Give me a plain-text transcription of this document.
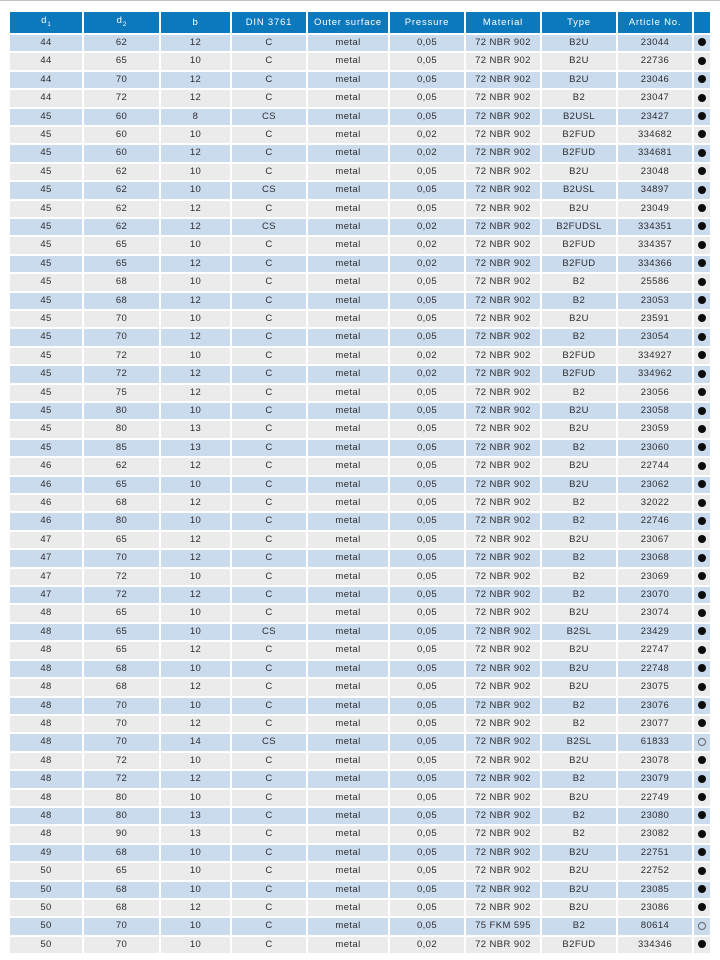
$d_1$	$d_2$	b	DIN 3761	Outer surface	Pressure	Material	Type	Article No.	
44	62	12	C	metal	0,05	72 NBR 902	B2U	23044	
44	65	10	C	metal	0,05	72 NBR 902	B2U	22736	
44	70	12	C	metal	0,05	72 NBR 902	B2U	23046	
44	72	12	C	metal	0,05	72 NBR 902	B2	23047	
45	60	8	CS	metal	0,05	72 NBR 902	B2USL	23427	
45	60	10	C	metal	0,02	72 NBR 902	B2FUD	334682	
45	60	12	C	metal	0,02	72 NBR 902	B2FUD	334681	
45	62	10	C	metal	0,05	72 NBR 902	B2U	23048	
45	62	10	CS	metal	0,05	72 NBR 902	B2USL	34897	
45	62	12	C	metal	0,05	72 NBR 902	B2U	23049	
45	62	12	CS	metal	0,02	72 NBR 902	B2FUDSL	334351	
45	65	10	C	metal	0,02	72 NBR 902	B2FUD	334357	
45	65	12	C	metal	0,02	72 NBR 902	B2FUD	334366	
45	68	10	C	metal	0,05	72 NBR 902	B2	25586	
45	68	12	C	metal	0,05	72 NBR 902	B2	23053	
45	70	10	C	metal	0,05	72 NBR 902	B2U	23591	
45	70	12	C	metal	0,05	72 NBR 902	B2	23054	
45	72	10	C	metal	0,02	72 NBR 902	B2FUD	334927	
45	72	12	C	metal	0,02	72 NBR 902	B2FUD	334962	
45	75	12	C	metal	0,05	72 NBR 902	B2	23056	
45	80	10	C	metal	0,05	72 NBR 902	B2U	23058	
45	80	13	C	metal	0,05	72 NBR 902	B2U	23059	
45	85	13	C	metal	0,05	72 NBR 902	B2	23060	
46	62	12	C	metal	0,05	72 NBR 902	B2U	22744	
46	65	10	C	metal	0,05	72 NBR 902	B2U	23062	
46	68	12	C	metal	0,05	72 NBR 902	B2	32022	
46	80	10	C	metal	0,05	72 NBR 902	B2	22746	
47	65	12	C	metal	0,05	72 NBR 902	B2U	23067	
47	70	12	C	metal	0,05	72 NBR 902	B2	23068	
47	72	10	C	metal	0,05	72 NBR 902	B2	23069	
47	72	12	C	metal	0,05	72 NBR 902	B2	23070	
48	65	10	C	metal	0,05	72 NBR 902	B2U	23074	
48	65	10	CS	metal	0,05	72 NBR 902	B2SL	23429	
48	65	12	C	metal	0,05	72 NBR 902	B2U	22747	
48	68	10	C	metal	0,05	72 NBR 902	B2U	22748	
48	68	12	C	metal	0,05	72 NBR 902	B2U	23075	
48	70	10	C	metal	0,05	72 NBR 902	B2	23076	
48	70	12	C	metal	0,05	72 NBR 902	B2	23077	
48	70	14	CS	metal	0,05	72 NBR 902	B2SL	61833	
48	72	10	C	metal	0,05	72 NBR 902	B2U	23078	
48	72	12	C	metal	0,05	72 NBR 902	B2	23079	
48	80	10	C	metal	0,05	72 NBR 902	B2U	22749	
48	80	13	C	metal	0,05	72 NBR 902	B2	23080	
48	90	13	C	metal	0,05	72 NBR 902	B2	23082	
49	68	10	C	metal	0,05	72 NBR 902	B2U	22751	
50	65	10	C	metal	0,05	72 NBR 902	B2U	22752	
50	68	10	C	metal	0,05	72 NBR 902	B2U	23085	
50	68	12	C	metal	0,05	72 NBR 902	B2U	23086	
50	70	10	C	metal	0,05	75 FKM 595	B2	80614	
50	70	10	C	metal	0,02	72 NBR 902	B2FUD	334346	
